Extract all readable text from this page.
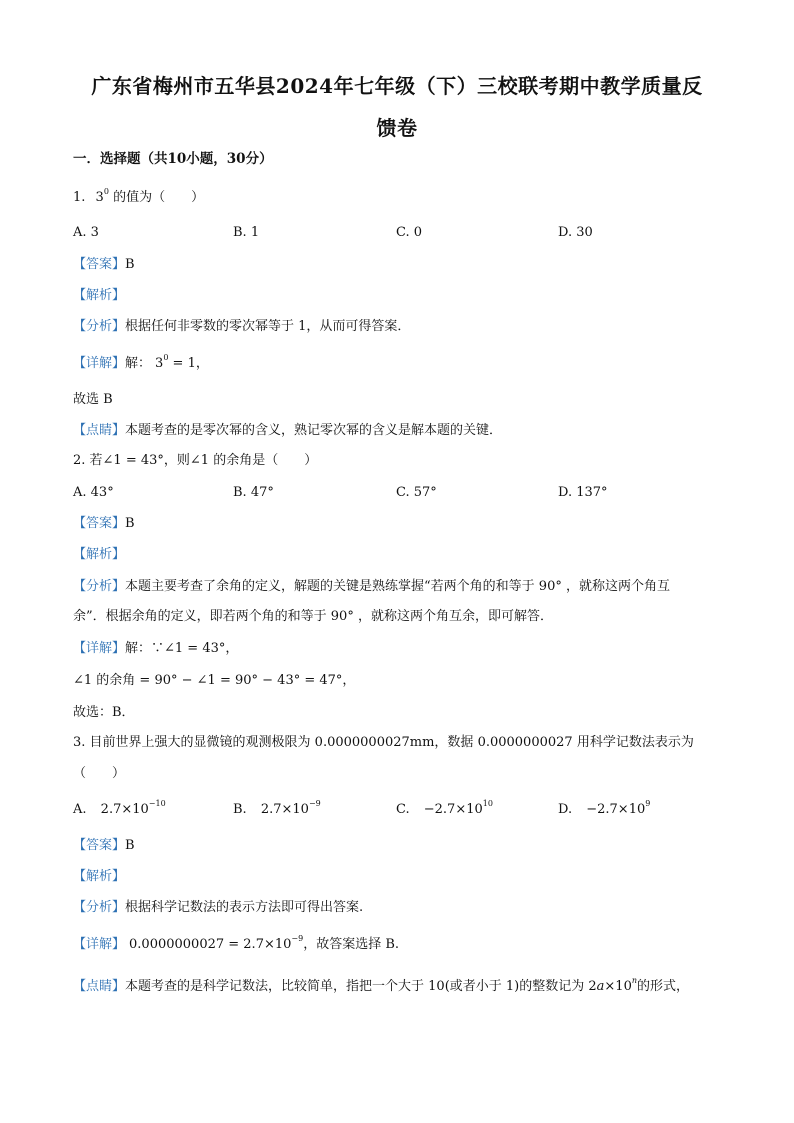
广东省梅州市五华县2024年七年级（下）三校联考期中教学质量反
馈卷
一．选择题（共10小题，30分）
1. $3^0$ 的值为（　　）
A. 3	B. 1	C. 0	D. 30
【答案】B
【解析】
【分析】根据任何非零数的零次幂等于 1，从而可得答案．
【详解】解： $3^0 = 1$，
故选 B
【点睛】本题考查的是零次幂的含义，熟记零次幂的含义是解本题的关键．
2. 若∠1 = 43°，则∠1 的余角是（　　）
A. 43°	B. 47°	C. 57°	D. 137°
【答案】B
【解析】
【分析】本题主要考查了余角的定义，解题的关键是熟练掌握“若两个角的和等于 90° ，就称这两个角互
余”．根据余角的定义，即若两个角的和等于 90° ，就称这两个角互余，即可解答．
【详解】解：∵∠1 = 43°，
∠1 的余角 = 90° − ∠1 = 90° − 43° = 47°，
故选：B．
3. 目前世界上强大的显微镜的观测极限为 0.0000000027mm，数据 0.0000000027 用科学记数法表示为
（　　）
A. $2.7\times 10^{-10}$	B. $2.7\times 10^{-9}$	C. $-2.7\times 10^{10}$	D. $-2.7\times 10^9$
【答案】B
【解析】
【分析】根据科学记数法的表示方法即可得出答案.
【详解】 $0.0000000027 = 2.7\times 10^{-9}$，故答案选择 B.
【点睛】本题考查的是科学记数法，比较简单，指把一个大于 10(或者小于 1)的整数记为 $2a\times 10^n$的形式，
